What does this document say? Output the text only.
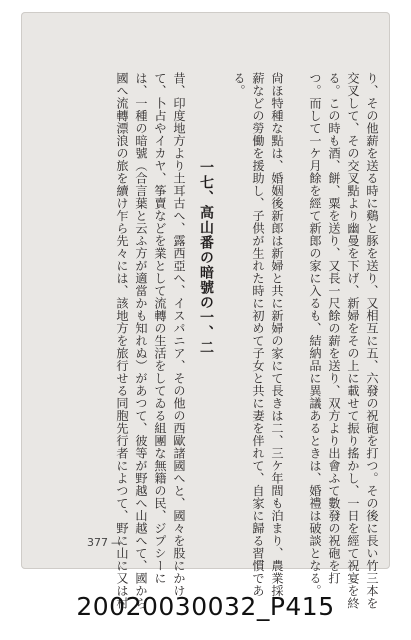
り、その他薪を送る時に鷄と豚を送り、又相互に五、六發の祝砲を打つ。その後に長い竹三本を
交叉して、その交叉點より幽曼を下げ、新婦をその上に載せて振り搖かし、一日を經て祝宴を終
る。この時も酒、餅、粟を送り、又長一尺餘の薪を送り、双方より出會ふて數發の祝砲を打
つ。而して一ケ月餘を經て新郎の家に入るも、結納品に異議あるときは、婚禮は破談となる。
尙ほ特種な點は、婚姻後新郎は新婦と共に新婦の家にて長きは二、三ケ年間も泊まり、農業採
薪などの勞働を援助し、子供が生れた時に初めて子女と共に妻を伴れて、自家に歸る習慣であ
る。
一七、高山番の暗號の一、二
昔、印度地方より土耳古へ、露西亞へ、イスパニア、その他の西歐諸國へと、國々を股にかけ
て、卜占やイカヤ、筝賣などを業として流轉の生活をしてゐる組團な無籍の民、ジプシーに
は、一種の暗號（合言葉と云ふ方が適當かも知れぬ）があつて、彼等が野越へ山越へて、國から
國へ流轉漂浪の旅を續け乍ら先々には、該地方を旅行せる同胞先行者によつて、野に山に又は村
377 ―
20020030032_P415
